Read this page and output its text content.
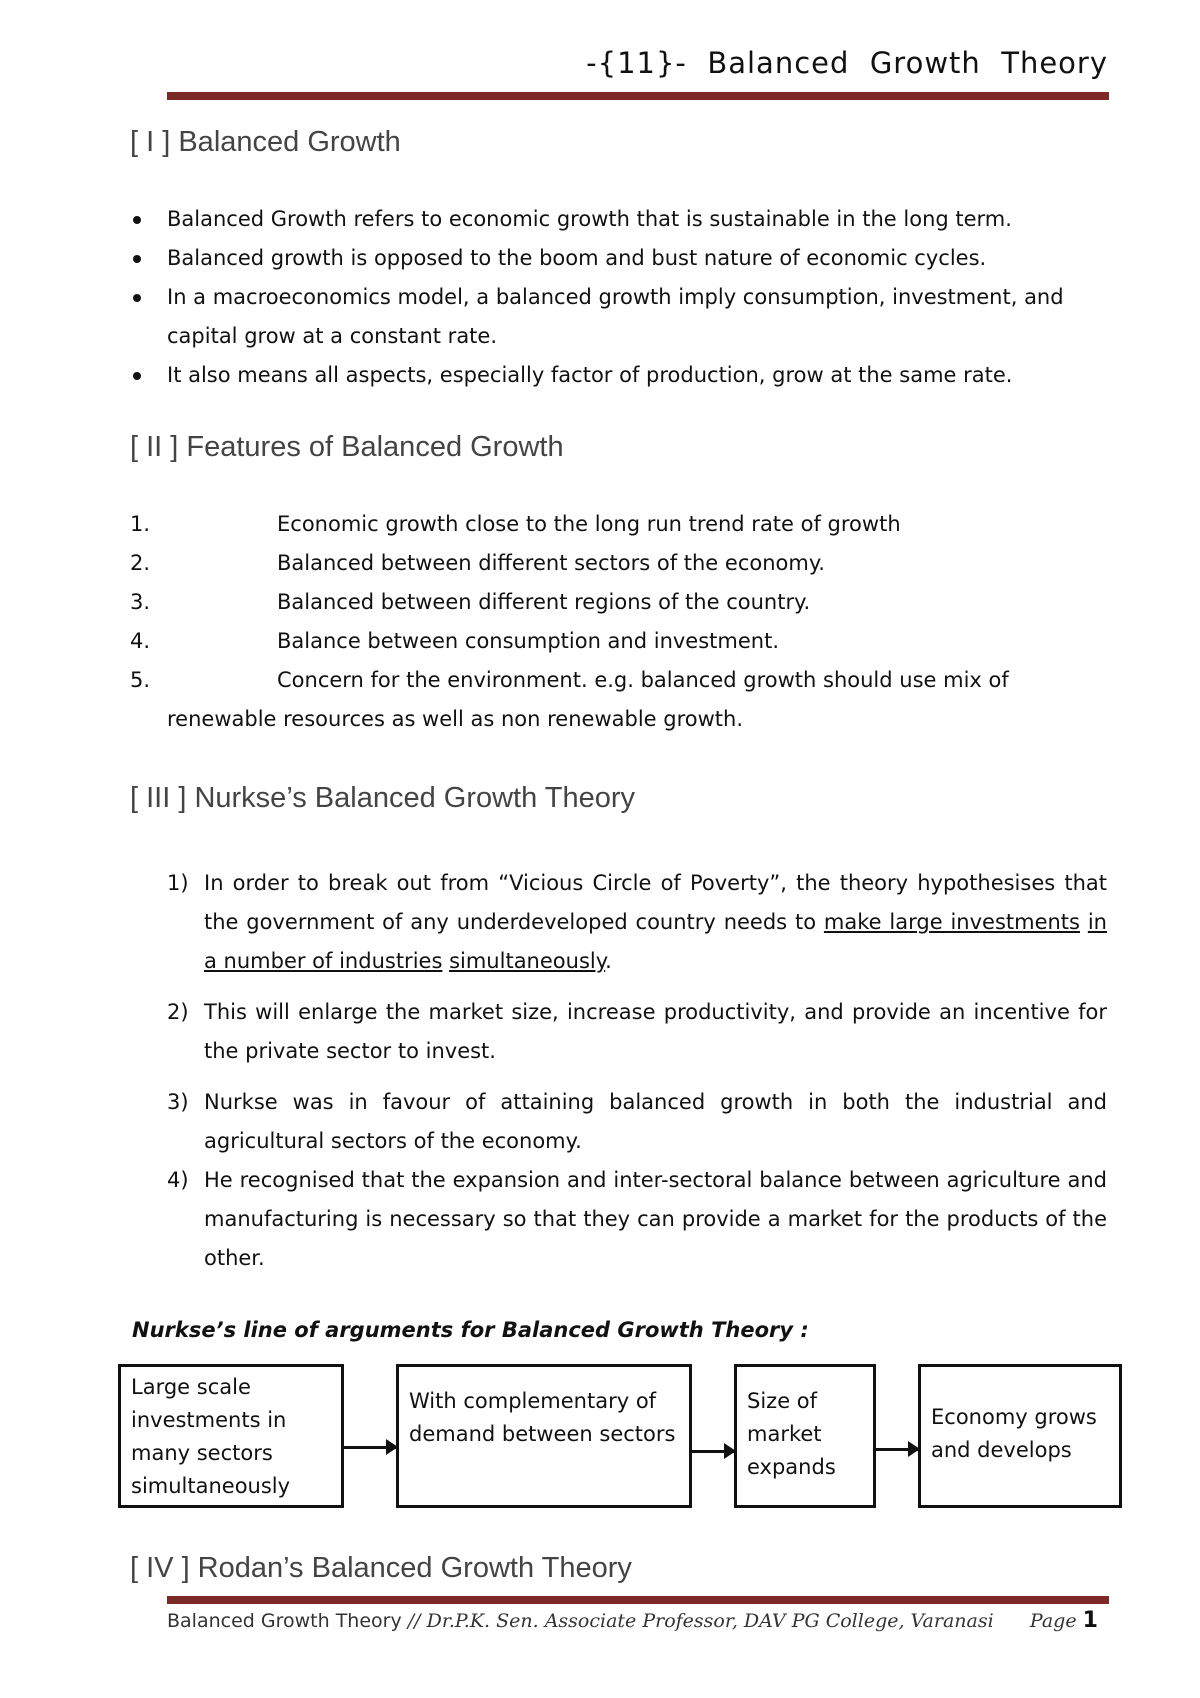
-{11}-  Balanced  Growth  Theory
[ I ] Balanced Growth
Balanced Growth refers to economic growth that is sustainable in the long term.
Balanced growth is opposed to the boom and bust nature of economic cycles.
In a macroeconomics model, a balanced growth imply consumption, investment, and capital grow at a constant rate.
It also means all aspects, especially factor of production, grow at the same rate.
[ II ] Features of Balanced Growth
1.	Economic growth close to the long run trend rate of growth
2.	Balanced between different sectors of the economy.
3.	Balanced between different regions of the country.
4.	Balance between consumption and investment.
5.	Concern for the environment. e.g. balanced growth should use mix of
renewable resources as well as non renewable growth.
[ III ] Nurkse’s Balanced Growth Theory
1) In order to break out from “Vicious Circle of Poverty”, the theory hypothesises that the government of any underdeveloped country needs to make large investments in a number of industries simultaneously.
2) This will enlarge the market size, increase productivity, and provide an incentive for the private sector to invest.
3) Nurkse was in favour of attaining balanced growth in both the industrial and agricultural sectors of the economy.
4) He recognised that the expansion and inter-sectoral balance between agriculture and manufacturing is necessary so that they can provide a market for the products of the other.
Nurkse’s line of arguments for Balanced Growth Theory :
Large scale investments in many sectors simultaneously
With complementary of demand between sectors
Size of market expands
Economy grows and develops
[ IV ] Rodan’s Balanced Growth Theory
Balanced Growth Theory // Dr.P.K. Sen. Associate Professor, DAV PG College, Varanasi Page 1
